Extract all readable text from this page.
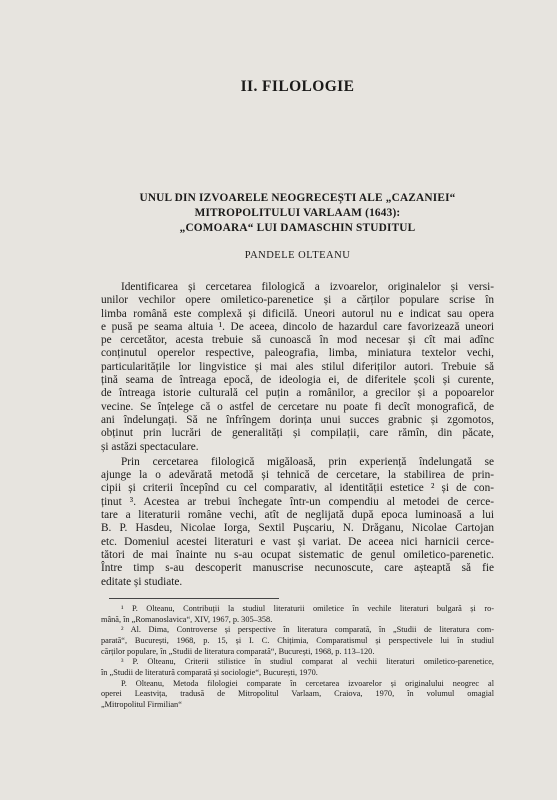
II. FILOLOGIE
UNUL DIN IZVOARELE NEOGRECEȘTI ALE „CAZANIEI“
MITROPOLITULUI VARLAAM (1643):
„COMOARA“ LUI DAMASCHIN STUDITUL
PANDELE OLTEANU

Identificarea și cercetarea filologică a izvoarelor, originalelor și versi-
unilor vechilor opere omiletico-parenetice și a cărților populare scrise în
limba română este complexă și dificilă. Uneori autorul nu e indicat sau opera
e pusă pe seama altuia ¹. De aceea, dincolo de hazardul care favorizează uneori
pe cercetător, acesta trebuie să cunoască în mod necesar și cît mai adînc
conținutul operelor respective, paleografia, limba, miniatura textelor vechi,
particularitățile lor lingvistice și mai ales stilul diferiților autori. Trebuie să
țină seama de întreaga epocă, de ideologia ei, de diferitele școli și curente,
de întreaga istorie culturală cel puțin a românilor, a grecilor și a popoarelor
vecine. Se înțelege că o astfel de cercetare nu poate fi decît monografică, de
ani îndelungați. Să ne înfrîngem dorința unui succes grabnic și zgomotos,
obținut prin lucrări de generalități și compilații, care rămîn, din păcate,
și astăzi spectaculare.

Prin cercetarea filologică migăloasă, prin experiență îndelungată se
ajunge la o adevărată metodă și tehnică de cercetare, la stabilirea de prin-
cipii și criterii începînd cu cel comparativ, al identității estetice ² și de con-
ținut ³. Acestea ar trebui închegate într-un compendiu al metodei de cerce-
tare a literaturii române vechi, atît de neglijată după epoca luminoasă a lui
B. P. Hasdeu, Nicolae Iorga, Sextil Pușcariu, N. Drăganu, Nicolae Cartojan
etc. Domeniul acestei literaturi e vast și variat. De aceea nici harnicii cerce-
tători de mai înainte nu s-au ocupat sistematic de genul omiletico-parenetic.
Între timp s-au descoperit manuscrise necunoscute, care așteaptă să fie
editate și studiate.

¹ P. Olteanu, Contribuții la studiul literaturii omiletice în vechile literaturi bulgară și ro-
mână, în „Romanoslavica“, XIV, 1967, p. 305–358.
² Al. Dima, Controverse și perspective în literatura comparată, în „Studii de literatura com-
parată“, București, 1968, p. 15, și I. C. Chițimia, Comparatismul și perspectivele lui în studiul
cărților populare, în „Studii de literatura comparată“, București, 1968, p. 113–120.
³ P. Olteanu, Criterii stilistice în studiul comparat al vechii literaturi omiletico-parenetice,
în „Studii de literatură comparată și sociologie“, București, 1970.
P. Olteanu, Metoda filologiei comparate în cercetarea izvoarelor și originalului neogrec al
operei Leastvița, tradusă de Mitropolitul Varlaam, Craiova, 1970, în volumul omagial
„Mitropolitul Firmilian“
